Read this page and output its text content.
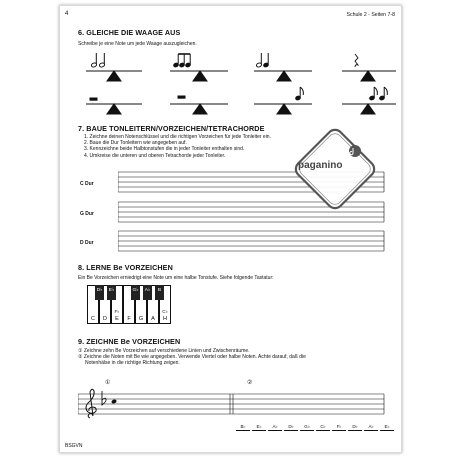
4	Schule 2 - Seiten 7-8
6. GLEICHE DIE WAAGE AUS
Schreibe je eine Note um jede Waage auszugleichen.
7. BAUE TONLEITERN/VORZEICHEN/TETRACHORDE
1. Zeichne deinen Notenschlüssel und die richtigen Vorzeichen für jede Tonleiter ein.
2. Baue die Dur Tonleitern wie angegeben auf.
3. Kennzeichne beide Halbtonstufen die in jeder Tonleiter enthalten sind.
4. Umkreise die unteren und oberen Tetrachorde jeder Tonleiter.
C Dur
G Dur
D Dur
paganino
8. LERNE Be VORZEICHEN
Ein Be Vorzeichen erniedrigt eine Note um eine halbe Tonstufe. Siehe folgende Tastatur:
C	D	E	F	G	A	H
F♭	C♭
D♭	E♭	G♭	A♭	B
9. ZEICHNE Be VORZEICHEN
① Zeichne zehn Be Vorzeichen auf verschiedene Linien und Zwischenräume.
② Zeichne die Noten mit Be wie angegeben. Verwende Viertel oder halbe Noten. Achte darauf, daß die
Notenhälse in die richtige Richtung zeigen.
①	②
B♭	E♭	A♭	D♭	G♭	C♭	F♭	D♭	A♭	E♭
BSGVN
